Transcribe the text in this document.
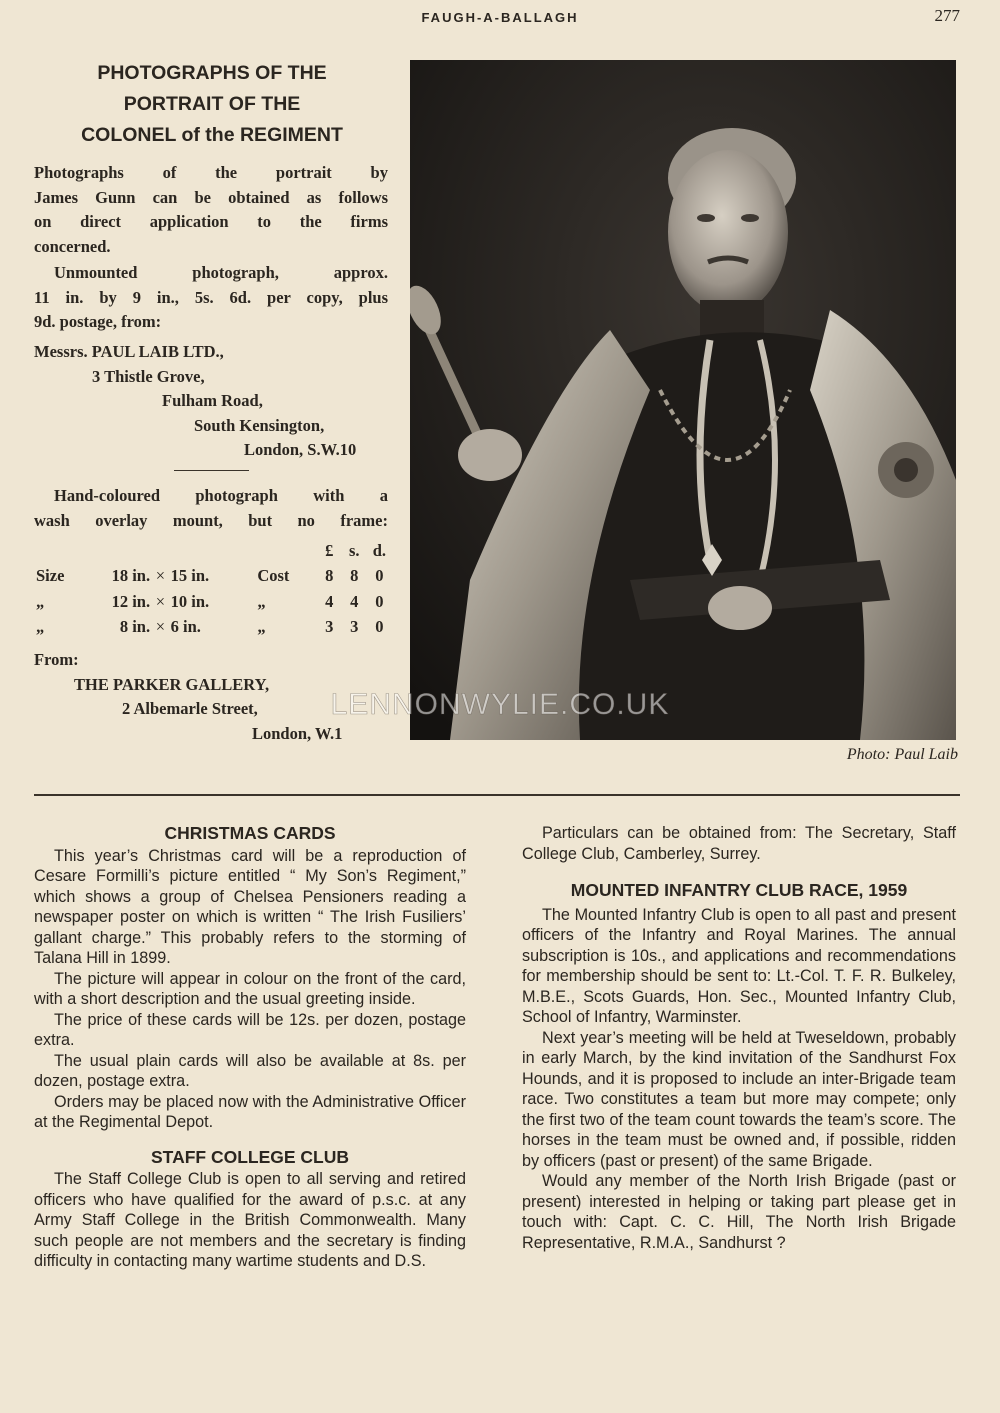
FAUGH-A-BALLAGH	277
PHOTOGRAPHS OF THE
PORTRAIT OF THE
COLONEL of the REGIMENT
Photographs of the portrait by
James Gunn can be obtained as follows
on direct application to the firms
concerned.
Unmounted photograph, approx.
11 in. by 9 in., 5s. 6d. per copy, plus
9d. postage, from:
Messrs. PAUL LAIB LTD.,
3 Thistle Grove,
Fulham Road,
South Kensington,
London, S.W.10
Hand-coloured photograph with a
wash overlay mount, but no frame:
					£	s.	d.
Size	18 in.	×	15 in.	Cost	8	8	0
„	12 in.	×	10 in.	„	4	4	0
„	8 in.	×	6 in.	„	3	3	0
From:
THE PARKER GALLERY,
2 Albemarle Street,
London, W.1
LENNONWYLIE.CO.UK
Photo: Paul Laib
CHRISTMAS CARDS

This year’s Christmas card will be a reproduction of Cesare Formilli’s picture entitled “ My Son’s Regiment,” which shows a group of Chelsea Pensioners reading a newspaper poster on which is written “ The Irish Fusiliers’ gallant charge.” This probably refers to the storming of Talana Hill in 1899.

The picture will appear in colour on the front of the card, with a short description and the usual greeting inside.

The price of these cards will be 12s. per dozen, postage extra.

The usual plain cards will also be available at 8s. per dozen, postage extra.

Orders may be placed now with the Administrative Officer at the Regimental Depot.

STAFF COLLEGE CLUB

The Staff College Club is open to all serving and retired officers who have qualified for the award of p.s.c. at any Army Staff College in the British Commonwealth. Many such people are not members and the secretary is finding difficulty in contacting many wartime students and D.S.

Particulars can be obtained from: The Secretary, Staff College Club, Camberley, Surrey.

MOUNTED INFANTRY CLUB RACE, 1959

The Mounted Infantry Club is open to all past and present officers of the Infantry and Royal Marines. The annual subscription is 10s., and applications and recommendations for membership should be sent to: Lt.-Col. T. F. R. Bulkeley, M.B.E., Scots Guards, Hon. Sec., Mounted Infantry Club, School of Infantry, Warminster.

Next year’s meeting will be held at Tweseldown, probably in early March, by the kind invitation of the Sandhurst Fox Hounds, and it is proposed to include an inter-Brigade team race. Two constitutes a team but more may compete; only the first two of the team count towards the team’s score. The horses in the team must be owned and, if possible, ridden by officers (past or present) of the same Brigade.

Would any member of the North Irish Brigade (past or present) interested in helping or taking part please get in touch with: Capt. C. C. Hill, The North Irish Brigade Representative, R.M.A., Sandhurst ?
